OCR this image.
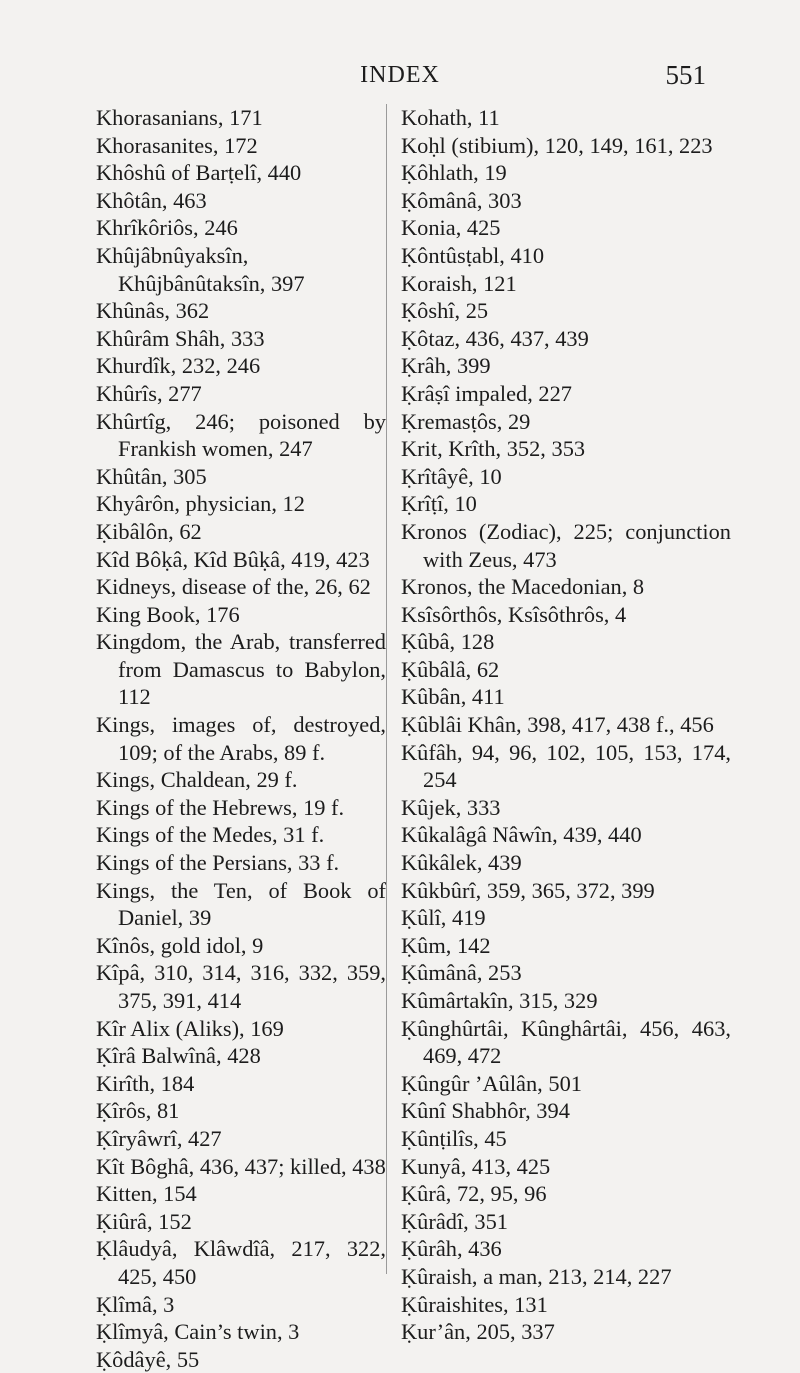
INDEX	551
Khorasanians, 171
Khorasanites, 172
Khôshû of Barṭelî, 440
Khôtân, 463
Khrîkôriôs, 246
Khûjâbnûyaksîn, Khûjbânûtaksîn, 397
Khûnâs, 362
Khûrâm Shâh, 333
Khurdîk, 232, 246
Khûrîs, 277
Khûrtîg, 246; poisoned by Frankish women, 247
Khûtân, 305
Khyârôn, physician, 12
Ḳibâlôn, 62
Kîd Bôḳâ, Kîd Bûḳâ, 419, 423
Kidneys, disease of the, 26, 62
King Book, 176
Kingdom, the Arab, transferred from Damascus to Babylon, 112
Kings, images of, destroyed, 109; of the Arabs, 89 f.
Kings, Chaldean, 29 f.
Kings of the Hebrews, 19 f.
Kings of the Medes, 31 f.
Kings of the Persians, 33 f.
Kings, the Ten, of Book of Daniel, 39
Kînôs, gold idol, 9
Kîpâ, 310, 314, 316, 332, 359, 375, 391, 414
Kîr Alix (Aliks), 169
Ḳîrâ Balwînâ, 428
Kirîth, 184
Ḳîrôs, 81
Ḳîryâwrî, 427
Kît Bôghâ, 436, 437; killed, 438
Kitten, 154
Ḳiûrâ, 152
Ḳlâudyâ, Klâwdîâ, 217, 322, 425, 450
Ḳlîmâ, 3
Ḳlîmyâ, Cain’s twin, 3
Ḳôdâyê, 55
Kohath, 11
Koḥl (stibium), 120, 149, 161, 223
Ḳôhlath, 19
Ḳômânâ, 303
Konia, 425
Ḳôntûsṭabl, 410
Koraish, 121
Ḳôshî, 25
Ḳôtaz, 436, 437, 439
Ḳrâh, 399
Ḳrâṣî impaled, 227
Ḳremasṭôs, 29
Krit, Krîth, 352, 353
Ḳrîtâyê, 10
Ḳrîṭî, 10
Kronos (Zodiac), 225; conjunction with Zeus, 473
Kronos, the Macedonian, 8
Ksîsôrthôs, Ksîsôthrôs, 4
Ḳûbâ, 128
Ḳûbâlâ, 62
Kûbân, 411
Ḳûblâi Khân, 398, 417, 438 f., 456
Kûfâh, 94, 96, 102, 105, 153, 174, 254
Kûjek, 333
Kûkalâgâ Nâwîn, 439, 440
Kûkâlek, 439
Kûkbûrî, 359, 365, 372, 399
Ḳûlî, 419
Ḳûm, 142
Ḳûmânâ, 253
Kûmârtakîn, 315, 329
Ḳûnghûrtâi, Kûnghârtâi, 456, 463, 469, 472
Ḳûngûr ’Aûlân, 501
Kûnî Shabhôr, 394
Ḳûnṭilîs, 45
Kunyâ, 413, 425
Ḳûrâ, 72, 95, 96
Ḳûrâdî, 351
Ḳûrâh, 436
Ḳûraish, a man, 213, 214, 227
Ḳûraishites, 131
Ḳur’ân, 205, 337
